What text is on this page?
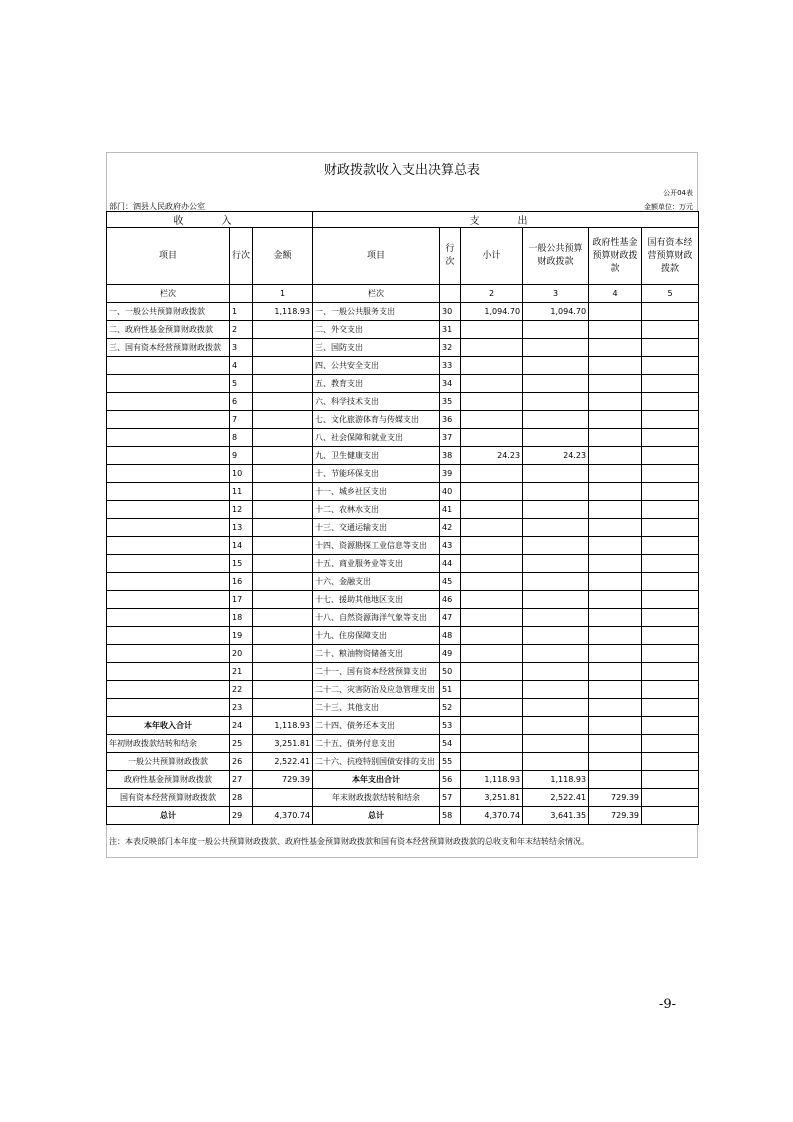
财政拨款收入支出决算总表
公开04表
部门：泗县人民政府办公室	金额单位：万元
收　入			支　出					
项目	行次	金额	项目	行次	小计	一般公共预算财政拨款	政府性基金预算财政拨款	国有资本经营预算财政拨款
栏次		1	栏次		2	3	4	5
一、一般公共预算财政拨款	1	1,118.93	一、一般公共服务支出	30	1,094.70	1,094.70		
二、政府性基金预算财政拨款	2		二、外交支出	31				
三、国有资本经营预算财政拨款	3		三、国防支出	32				
	4		四、公共安全支出	33				
	5		五、教育支出	34				
	6		六、科学技术支出	35				
	7		七、文化旅游体育与传媒支出	36				
	8		八、社会保障和就业支出	37				
	9		九、卫生健康支出	38	24.23	24.23		
	10		十、节能环保支出	39				
	11		十一、城乡社区支出	40				
	12		十二、农林水支出	41				
	13		十三、交通运输支出	42				
	14		十四、资源勘探工业信息等支出	43				
	15		十五、商业服务业等支出	44				
	16		十六、金融支出	45				
	17		十七、援助其他地区支出	46				
	18		十八、自然资源海洋气象等支出	47				
	19		十九、住房保障支出	48				
	20		二十、粮油物资储备支出	49				
	21		二十一、国有资本经营预算支出	50				
	22		二十二、灾害防治及应急管理支出	51				
	23		二十三、其他支出	52				
本年收入合计	24	1,118.93	二十四、债务还本支出	53				
年初财政拨款结转和结余	25	3,251.81	二十五、债务付息支出	54				
一般公共预算财政拨款	26	2,522.41	二十六、抗疫特别国债安排的支出	55				
政府性基金预算财政拨款	27	729.39	本年支出合计	56	1,118.93	1,118.93		
国有资本经营预算财政拨款	28		年末财政拨款结转和结余	57	3,251.81	2,522.41	729.39	
总计	29	4,370.74	总计	58	4,370.74	3,641.35	729.39	
注：本表反映部门本年度一般公共预算财政拨款、政府性基金预算财政拨款和国有资本经营预算财政拨款的总收支和年末结转结余情况。
-9-
